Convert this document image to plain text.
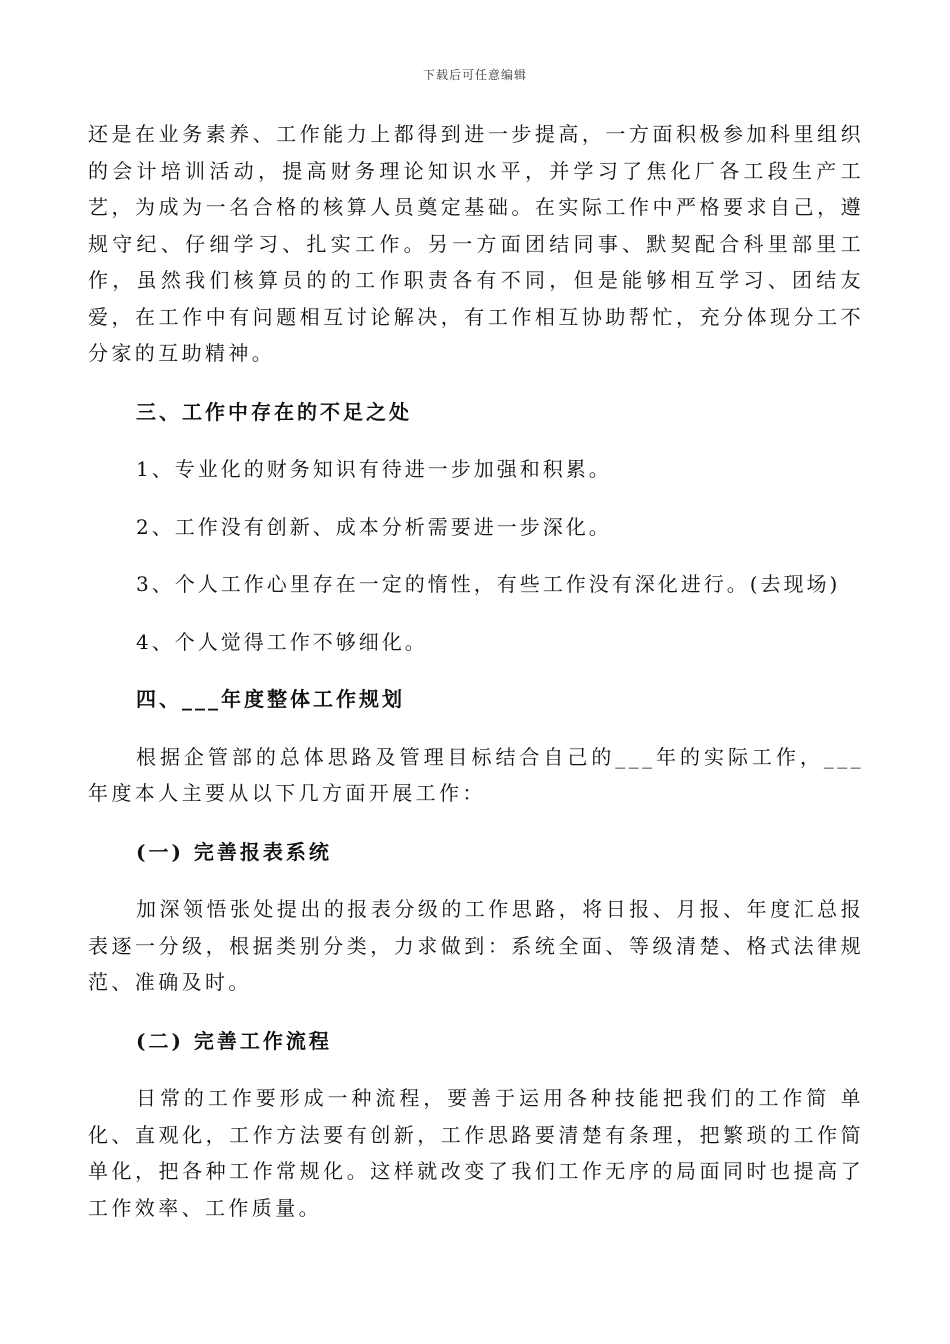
下载后可任意编辑

还是在业务素养、工作能力上都得到进一步提高，一方面积极参加科里组织的会计培训活动，提高财务理论知识水平，并学习了焦化厂各工段生产工艺，为成为一名合格的核算人员奠定基础。在实际工作中严格要求自己，遵规守纪、仔细学习、扎实工作。另一方面团结同事、默契配合科里部里工作，虽然我们核算员的的工作职责各有不同，但是能够相互学习、团结友爱，在工作中有问题相互讨论解决，有工作相互协助帮忙，充分体现分工不分家的互助精神。

三、工作中存在的不足之处

1、专业化的财务知识有待进一步加强和积累。

2、工作没有创新、成本分析需要进一步深化。

3、个人工作心里存在一定的惰性，有些工作没有深化进行。(去现场)

4、个人觉得工作不够细化。

四、___年度整体工作规划

根据企管部的总体思路及管理目标结合自己的___年的实际工作，___年度本人主要从以下几方面开展工作：

(一) 完善报表系统

加深领悟张处提出的报表分级的工作思路，将日报、月报、年度汇总报表逐一分级，根据类别分类，力求做到：系统全面、等级清楚、格式法律规范、准确及时。

(二) 完善工作流程

日常的工作要形成一种流程，要善于运用各种技能把我们的工作简 单化、直观化，工作方法要有创新，工作思路要清楚有条理，把繁琐的工作简单化，把各种工作常规化。这样就改变了我们工作无序的局面同时也提高了工作效率、工作质量。
